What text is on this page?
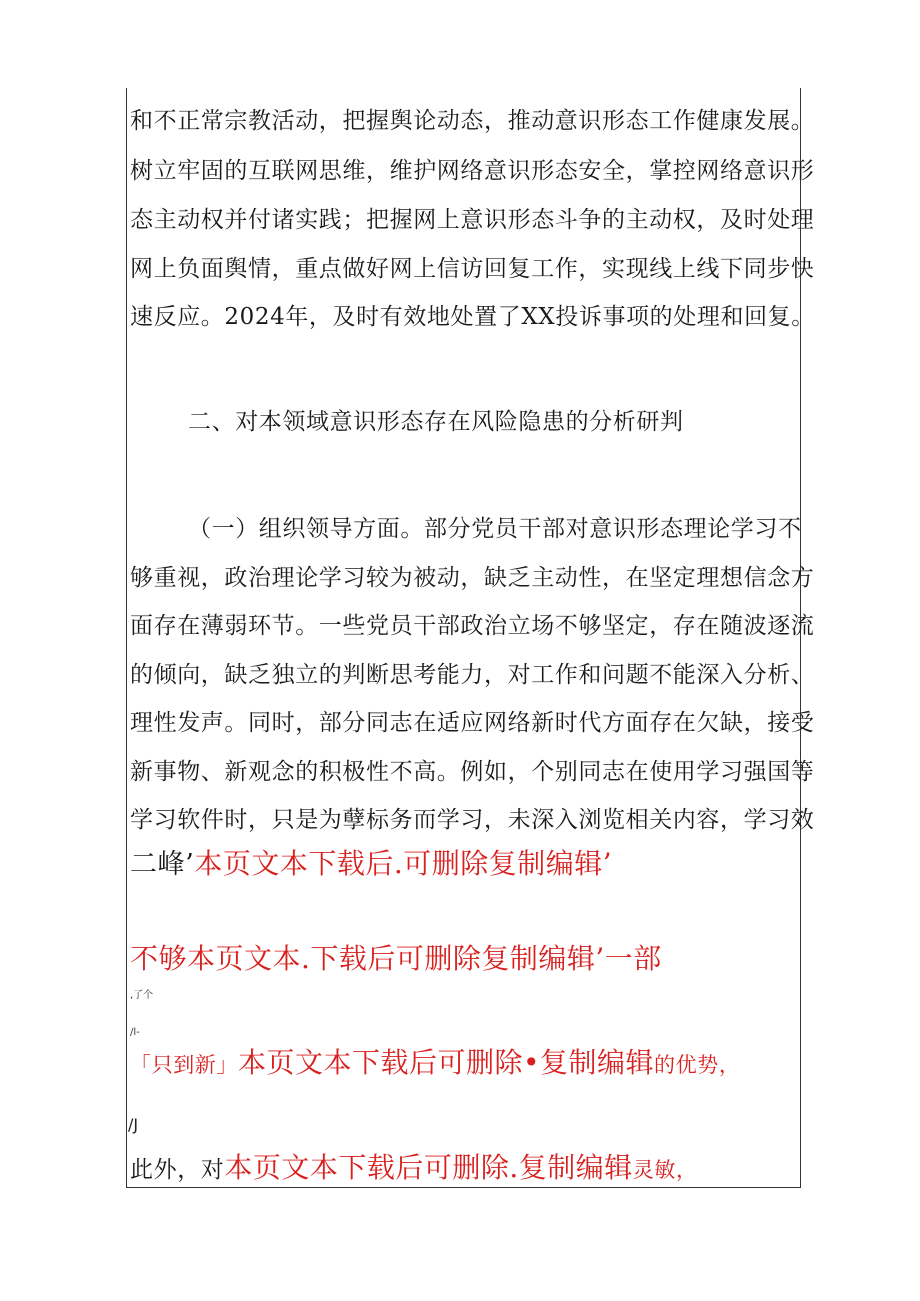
和不正常宗教活动，把握舆论动态，推动意识形态工作健康发展。
树立牢固的互联网思维，维护网络意识形态安全，掌控网络意识形
态主动权并付诸实践；把握网上意识形态斗争的主动权，及时处理
网上负面舆情，重点做好网上信访回复工作，实现线上线下同步快
速反应。2024年，及时有效地处置了XX投诉事项的处理和回复。
二、对本领域意识形态存在风险隐患的分析研判
（一）组织领导方面。部分党员干部对意识形态理论学习不
够重视，政治理论学习较为被动，缺乏主动性，在坚定理想信念方
面存在薄弱环节。一些党员干部政治立场不够坚定，存在随波逐流
的倾向，缺乏独立的判断思考能力，对工作和问题不能深入分析、
理性发声。同时，部分同志在适应网络新时代方面存在欠缺，接受
新事物、新观念的积极性不高。例如，个别同志在使用学习强国等
学习软件时，只是为孽标务而学习，未深入浏览相关内容，学习效
二峰’本页文本下载后.可删除复制编辑’
不够本页文本.下载后可删除复制编辑’一部
,了个
/l-
「只到新」本页文本下载后可删除•复制编辑的优势，
/J
此外，对本页文本下载后可删除.复制编辑灵敏，
